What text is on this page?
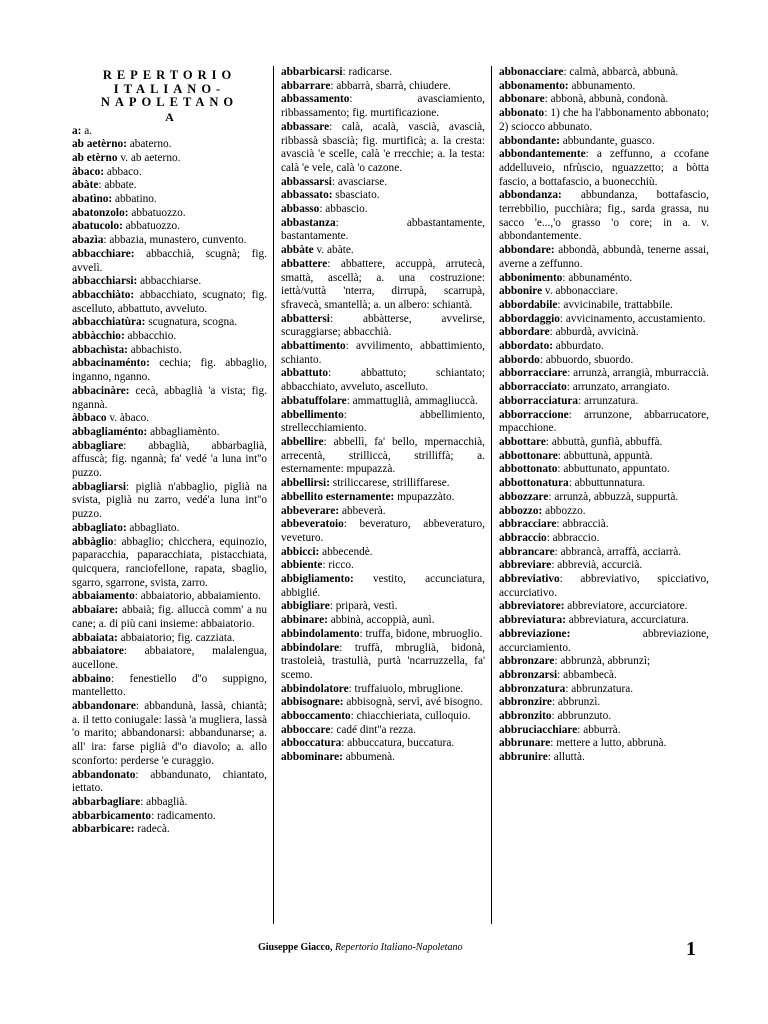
REPERTORIO
ITALIANO-
NAPOLETANO
A

a: a.

ab aetèrno: abaterno.

ab etèrno v. ab aeterno.

àbaco: abbaco.

abàte: abbate.

abatìno: abbatino.

abatonzolo: abbatuozzo.

abatucolo: abbatuozzo.

abazìa: abbazia, munastero, cunvento.

abbacchiare: abbacchià, scugnà; fig. avvelì.

abbacchiarsi: abbacchiarse.

abbacchiàto: abbacchiato, scugnato; fig. ascelluto, abbattuto, avveluto.

abbacchiatùra: scugnatura, scogna.

abbàcchio: abbacchio.

abbachìsta: abbachisto.

abbacinaménto: cechia; fig. abbaglio, inganno, nganno.

abbacinàre: cecà, abbaglià 'a vista; fig. ngannà.

àbbaco v. àbaco.

abbagliaménto: abbagliamènto.

abbagliare: abbaglià, abbarbaglià, affuscà; fig. ngannà; fa' vedé 'a luna int''o puzzo.

abbagliarsi: piglià n'abbaglio, piglià na svista, piglià nu zarro, vedé'a luna int''o puzzo.

abbagliato: abbagliato.

abbàglio: abbaglio; chicchera, equinozio, paparacchia, paparacchiata, pistacchiata, quicquera, ranciofellone, rapata, sbaglio, sgarro, sgarrone, svista, zarro.

abbaiamento: abbaiatorio, abbaiamiento.

abbaiare: abbaià; fig. alluccà comm' a nu cane; a. di più cani insieme: abbaiatorio.

abbaiata: abbaiatorio; fig. cazziata.

abbaiatore: abbaiatore, malalengua, aucellone.

abbaino: fenestiello d''o suppigno, mantelletto.

abbandonare: abbandunà, lassà, chiantà; a. il tetto coniugale: lassà 'a mugliera, lassà 'o marito; abbandonarsi: abbandunarse; a. all' ira: farse piglià d''o diavolo; a. allo sconforto: perderse 'e curaggio.

abbandonato: abbandunato, chiantato, iettato.

abbarbagliare: abbaglià.

abbarbicamento: radicamento.

abbarbicare: radecà.

abbarbicarsi: radicarse.

abbarrare: abbarrà, sbarrà, chiudere.

abbassamento: avasciamiento, ribbassamento; fig. murtificazione.

abbassare: calà, acalà, vascià, avascià, ribbassà sbascià; fig. murtificà; a. la cresta: avascià 'e scelle, calà 'e rrecchie; a. la testa: calà 'e vele, calà 'o cazone.

abbassarsi: avasciarse.

abbassato: sbasciato.

abbasso: abbascio.

abbastanza: abbastantamente, bastantamente.

abbàte v. abàte.

abbattere: abbattere, accuppà, arrutecà, smattà, ascellà; a. una costruzione: iettà/vuttà 'nterra, dirrupà, scarrupà, sfravecà, smantellà; a. un albero: schiantà.

abbattersi: abbàtterse, avvelirse, scuraggiarse; abbacchià.

abbattimento: avvilimento, abbattimiento, schianto.

abbattuto: abbattuto; schiantato; abbacchiato, avveluto, ascelluto.

abbatuffolare: ammattuglià, ammagliuccà.

abbellimento: abbellimiento, strellecchiamiento.

abbellire: abbellì, fa' bello, mpernacchià, arrecentà, strilliccà, strilliffà; a. esternamente: mpupazzà.

abbellirsi: striliccarese, strilliffarese.

abbellito esternamente: mpupazzàto.

abbeverare: abbeverà.

abbeveratoio: beveraturo, abbeveraturo, veveturo.

abbicci: abbecendè.

abbiente: ricco.

abbigliamento: vestito, accunciatura, abbiglié.

abbigliare: priparà, vestì.

abbinare: abbinà, accoppià, aunì.

abbindolamento: truffa, bidone, mbruoglio.

abbindolare: truffà, mbruglià, bidonà, trastoleià, trastulià, purtà 'ncarruzzella, fa' scemo.

abbindolatore: truffaiuolo, mbruglione.

abbisognare: abbisognà, servì, avé bisogno.

abboccamento: chiacchieriata, culloquio.

abboccare: cadé dint''a rezza.

abboccatura: abbuccatura, buccatura.

abbominare: abbumenà.

abbonacciare: calmà, abbarcà, abbunà.

abbonamento: abbunamento.

abbonare: abbonà, abbunà, condonà.

abbonato: 1) che ha l'abbonamento abbonato; 2) sciocco abbunato.

abbondante: abbundante, guasco.

abbondantemente: a zeffunno, a ccofane addelluveio, nfrùscio, nguazzetto; a bòtta fascio, a bottafascio, a buonecchiù.

abbondanza: abbundanza, bottafascio, terrebbìlio, pucchiàra; fig., sarda grassa, nu sacco 'e...,'o grasso 'o core; in a. v. abbondantemente.

abbondare: abbondà, abbundà, tenerne assai, averne a zeffunno.

abbonimento: abbunaménto.

abbonire v. abbonacciare.

abbordabile: avvicinabile, trattabbile.

abbordaggio: avvicinamento, accustamiento.

abbordare: abburdà, avvicinà.

abbordato: abburdato.

abbordo: abbuordo, sbuordo.

abborracciare: arrunzà, arrangià, mburraccià.

abborracciato: arrunzato, arrangiato.

abborracciatura: arrunzatura.

abborraccione: arrunzone, abbarrucatore, mpacchione.

abbottare: abbuttà, gunfià, abbuffà.

abbottonare: abbuttunà, appuntà.

abbottonato: abbuttunato, appuntato.

abbottonatura: abbuttunnatura.

abbozzare: arrunzà, abbuzzà, suppurtà.

abbozzo: abbozzo.

abbracciare: abbraccià.

abbraccio: abbraccio.

abbrancare: abbrancà, arraffà, acciarrà.

abbreviare: abbrevià, accurcià.

abbreviativo: abbreviativo, spicciativo, accurciativo.

abbreviatore: abbreviatore, accurciatore.

abbreviatura: abbreviatura, accurciatura.

abbreviazione: abbreviazione, accurciamiento.

abbronzare: abbrunzà, abbrunzì;

abbronzarsi: abbambecà.

abbronzatura: abbrunzatura.

abbronzire: abbrunzì.

abbronzito: abbrunzuto.

abbruciacchiare: abburrà.

abbrunare: mettere a lutto, abbrunà.

abbrunire: alluttà.

Giuseppe Giacco, Repertorio Italiano-Napoletano	1
